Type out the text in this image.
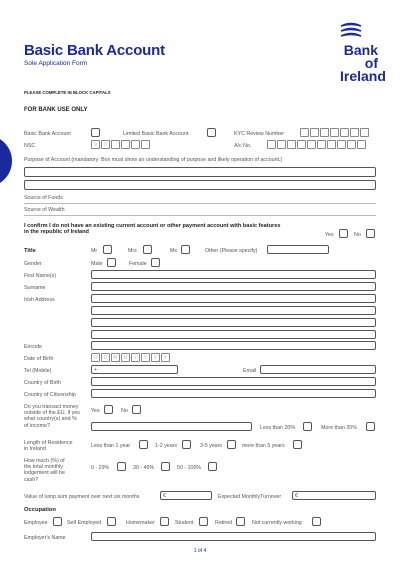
Basic Bank Account
Sole Application Form
Bank of
Ireland
PLEASE COMPLETE IN BLOCK CAPITALS
FOR BANK USE ONLY
Basic Bank Account	Limited Basic Bank Account	KYC Review Number
NSC	9	0	A/c No.
Purpose of Account (mandatory: Box must show an understanding of purpose and likely operation of account.)
Source of Funds
Source of Wealth
I confirm I do not have an existing current account or other payment account with basic features
in the republic of Ireland	Yes	No
Title	Mr	Mrs	Ms	Other (Please specify)
Gender	Male	Female
First Name(s)
Surname
Irish Address
Eircode
Date of Birth	D	D	M	M	Y	Y	Y	Y
Tel (Mobile)	+	Email
Country of Birth
Country of Citizenship
Do you transact money
outside of the EU, if yes
what country(s) and %
of income?
Yes	No
Less than 20%	More than 20%
Length of Residence
in Ireland
Less than 1 year	1-2 years	3-5 years	more than 5 years
How much (%) of
the total monthly
lodgement will be
cash?
0 - 29%	30 - 49%	50 - 100%
Value of lump sum payment over next six months	€	Expected MonthlyTurnover	€
Occupation
Employee	Self Employed	Homemaker	Student	Retired	Not currently working
Employer's Name
1 of 4
